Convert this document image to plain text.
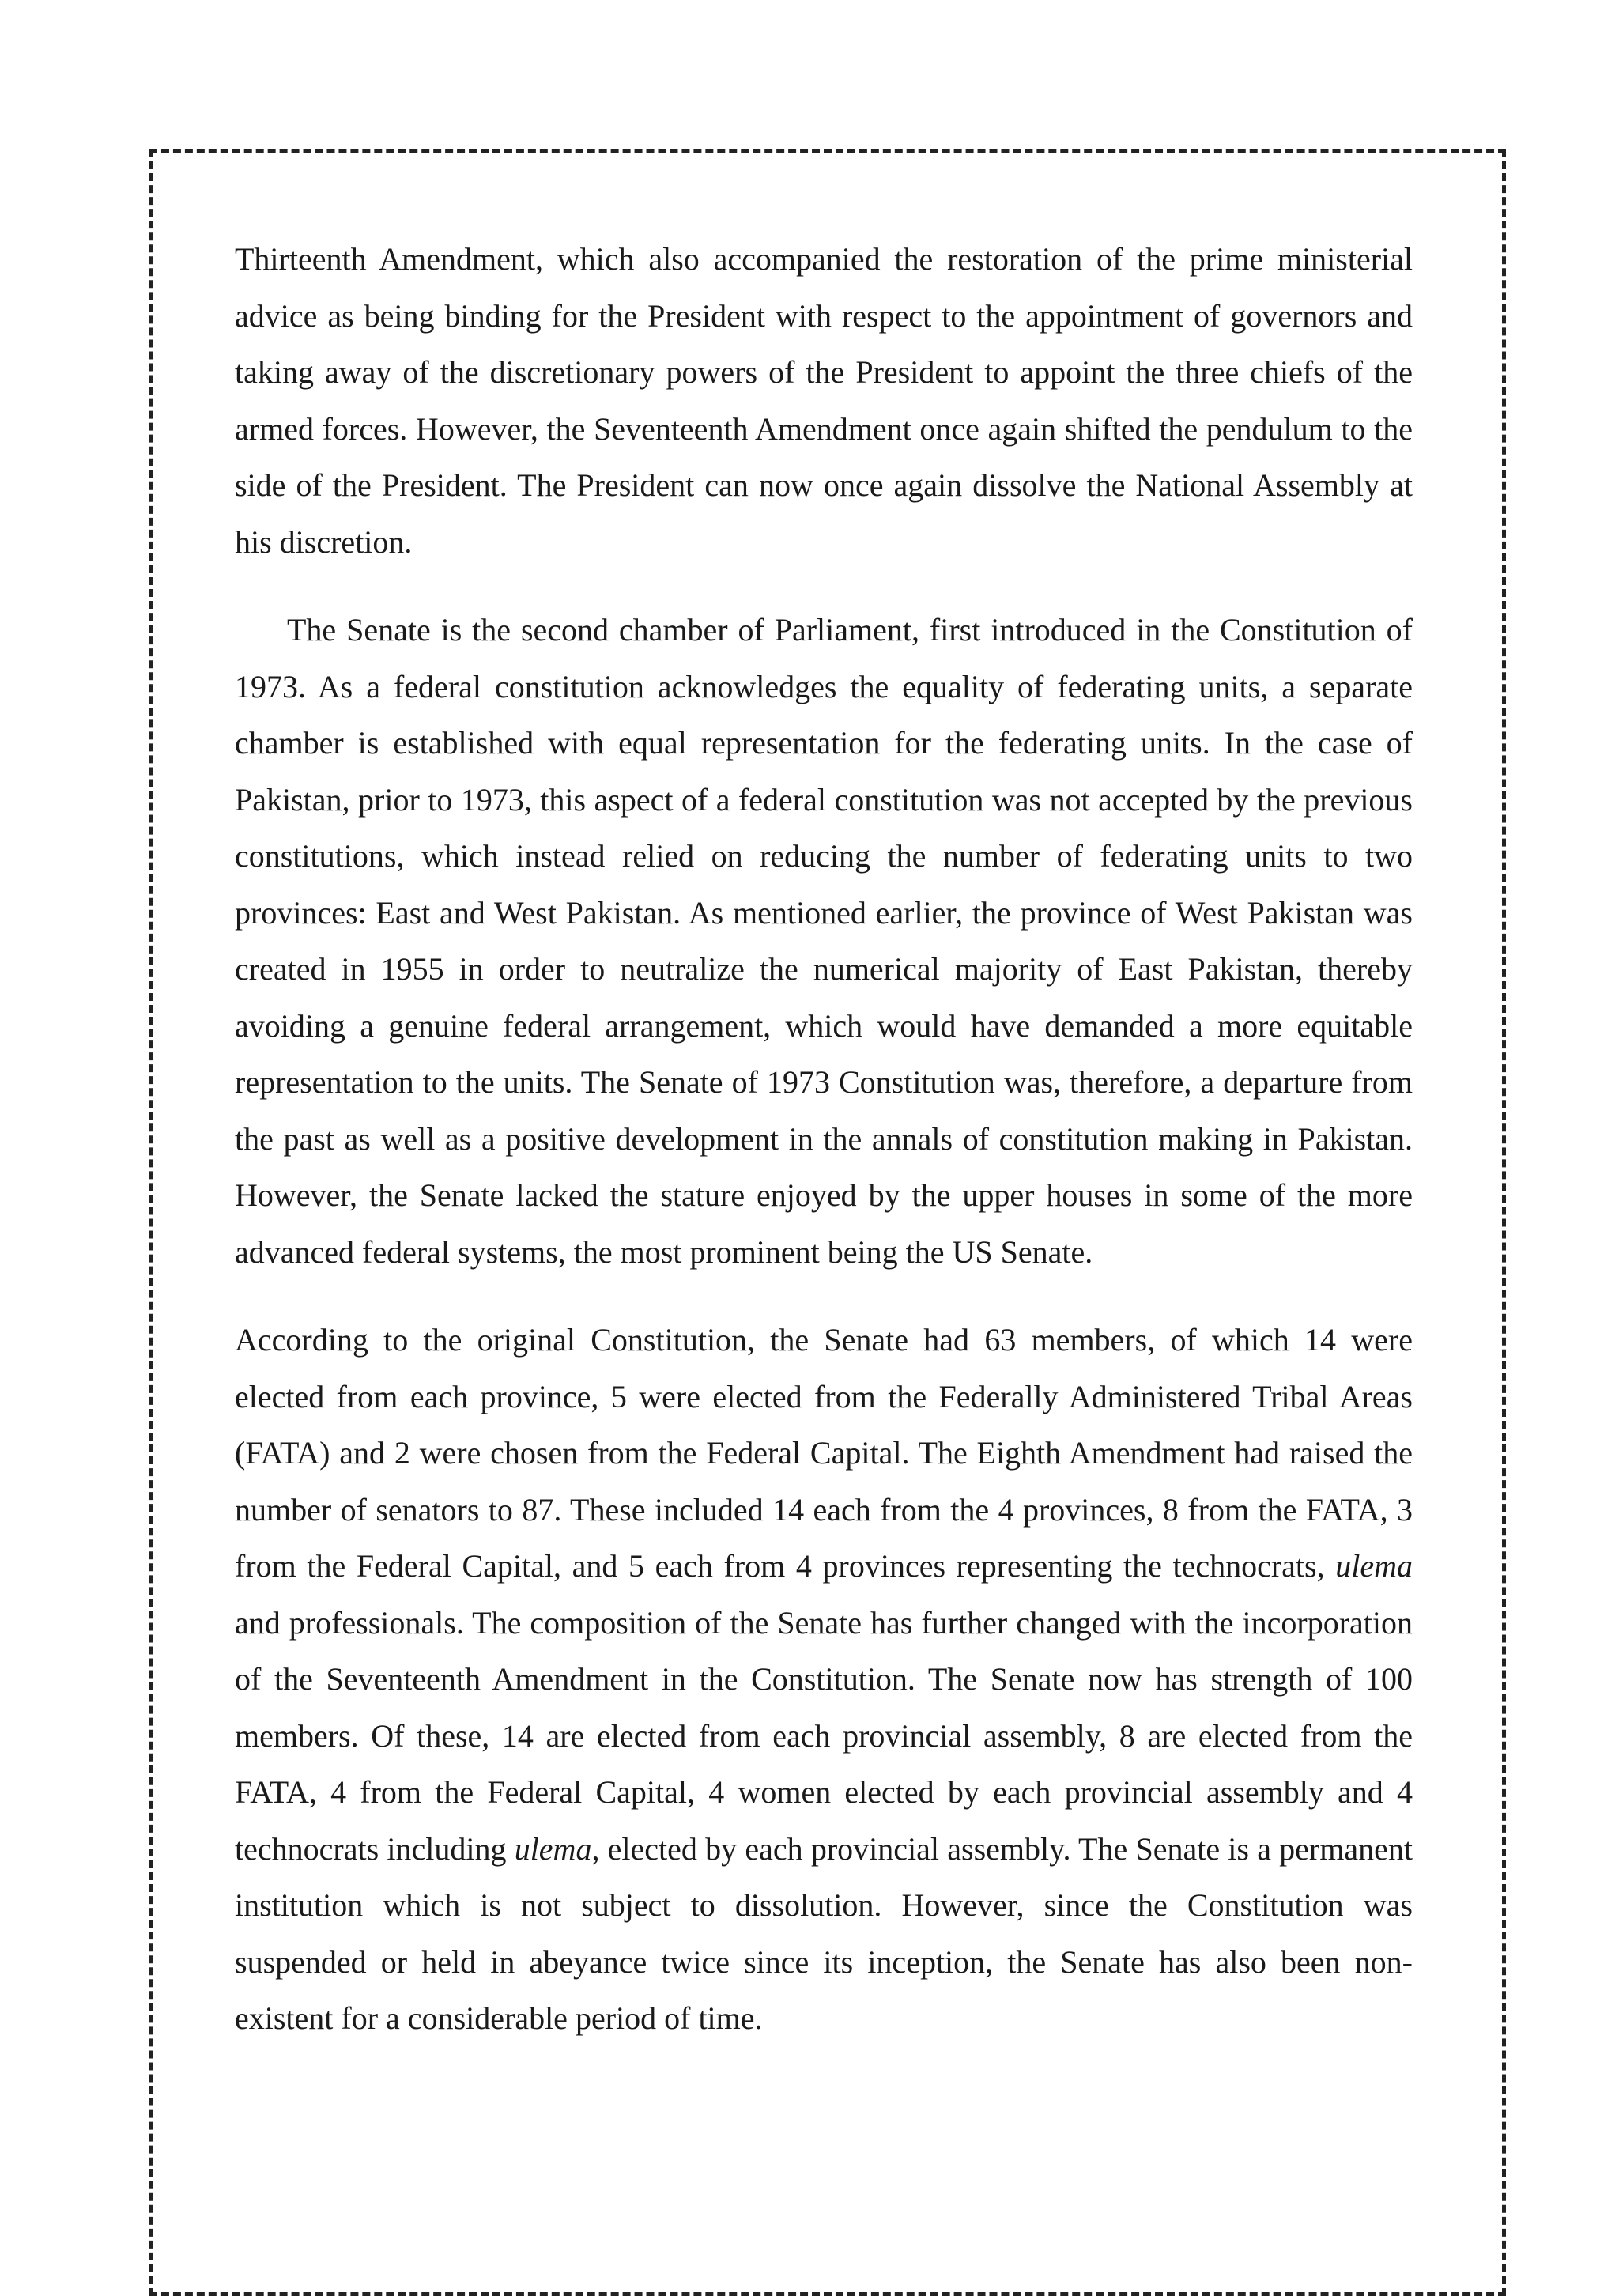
Thirteenth Amendment, which also accompanied the restoration of the prime ministerial advice as being binding for the President with respect to the appointment of governors and taking away of the discretionary powers of the President to appoint the three chiefs of the armed forces. However, the Seventeenth Amendment once again shifted the pendulum to the side of the President. The President can now once again dissolve the National Assembly at his discretion.

The Senate is the second chamber of Parliament, first introduced in the Constitution of 1973. As a federal constitution acknowledges the equality of federating units, a separate chamber is established with equal representation for the federating units. In the case of Pakistan, prior to 1973, this aspect of a federal constitution was not accepted by the previous constitutions, which instead relied on reducing the number of federating units to two provinces: East and West Pakistan. As mentioned earlier, the province of West Pakistan was created in 1955 in order to neutralize the numerical majority of East Pakistan, thereby avoiding a genuine federal arrangement, which would have demanded a more equitable representation to the units. The Senate of 1973 Constitution was, therefore, a departure from the past as well as a positive development in the annals of constitution making in Pakistan. However, the Senate lacked the stature enjoyed by the upper houses in some of the more advanced federal systems, the most prominent being the US Senate.

According to the original Constitution, the Senate had 63 members, of which 14 were elected from each province, 5 were elected from the Federally Administered Tribal Areas (FATA) and 2 were chosen from the Federal Capital. The Eighth Amendment had raised the number of senators to 87. These included 14 each from the 4 provinces, 8 from the FATA, 3 from the Federal Capital, and 5 each from 4 provinces representing the technocrats, ulema and professionals. The composition of the Senate has further changed with the incorporation of the Seventeenth Amendment in the Constitution. The Senate now has strength of 100 members. Of these, 14 are elected from each provincial assembly, 8 are elected from the FATA, 4 from the Federal Capital, 4 women elected by each provincial assembly and 4 technocrats including ulema, elected by each provincial assembly. The Senate is a permanent institution which is not subject to dissolution. However, since the Constitution was suspended or held in abeyance twice since its inception, the Senate has also been non-existent for a considerable period of time.
